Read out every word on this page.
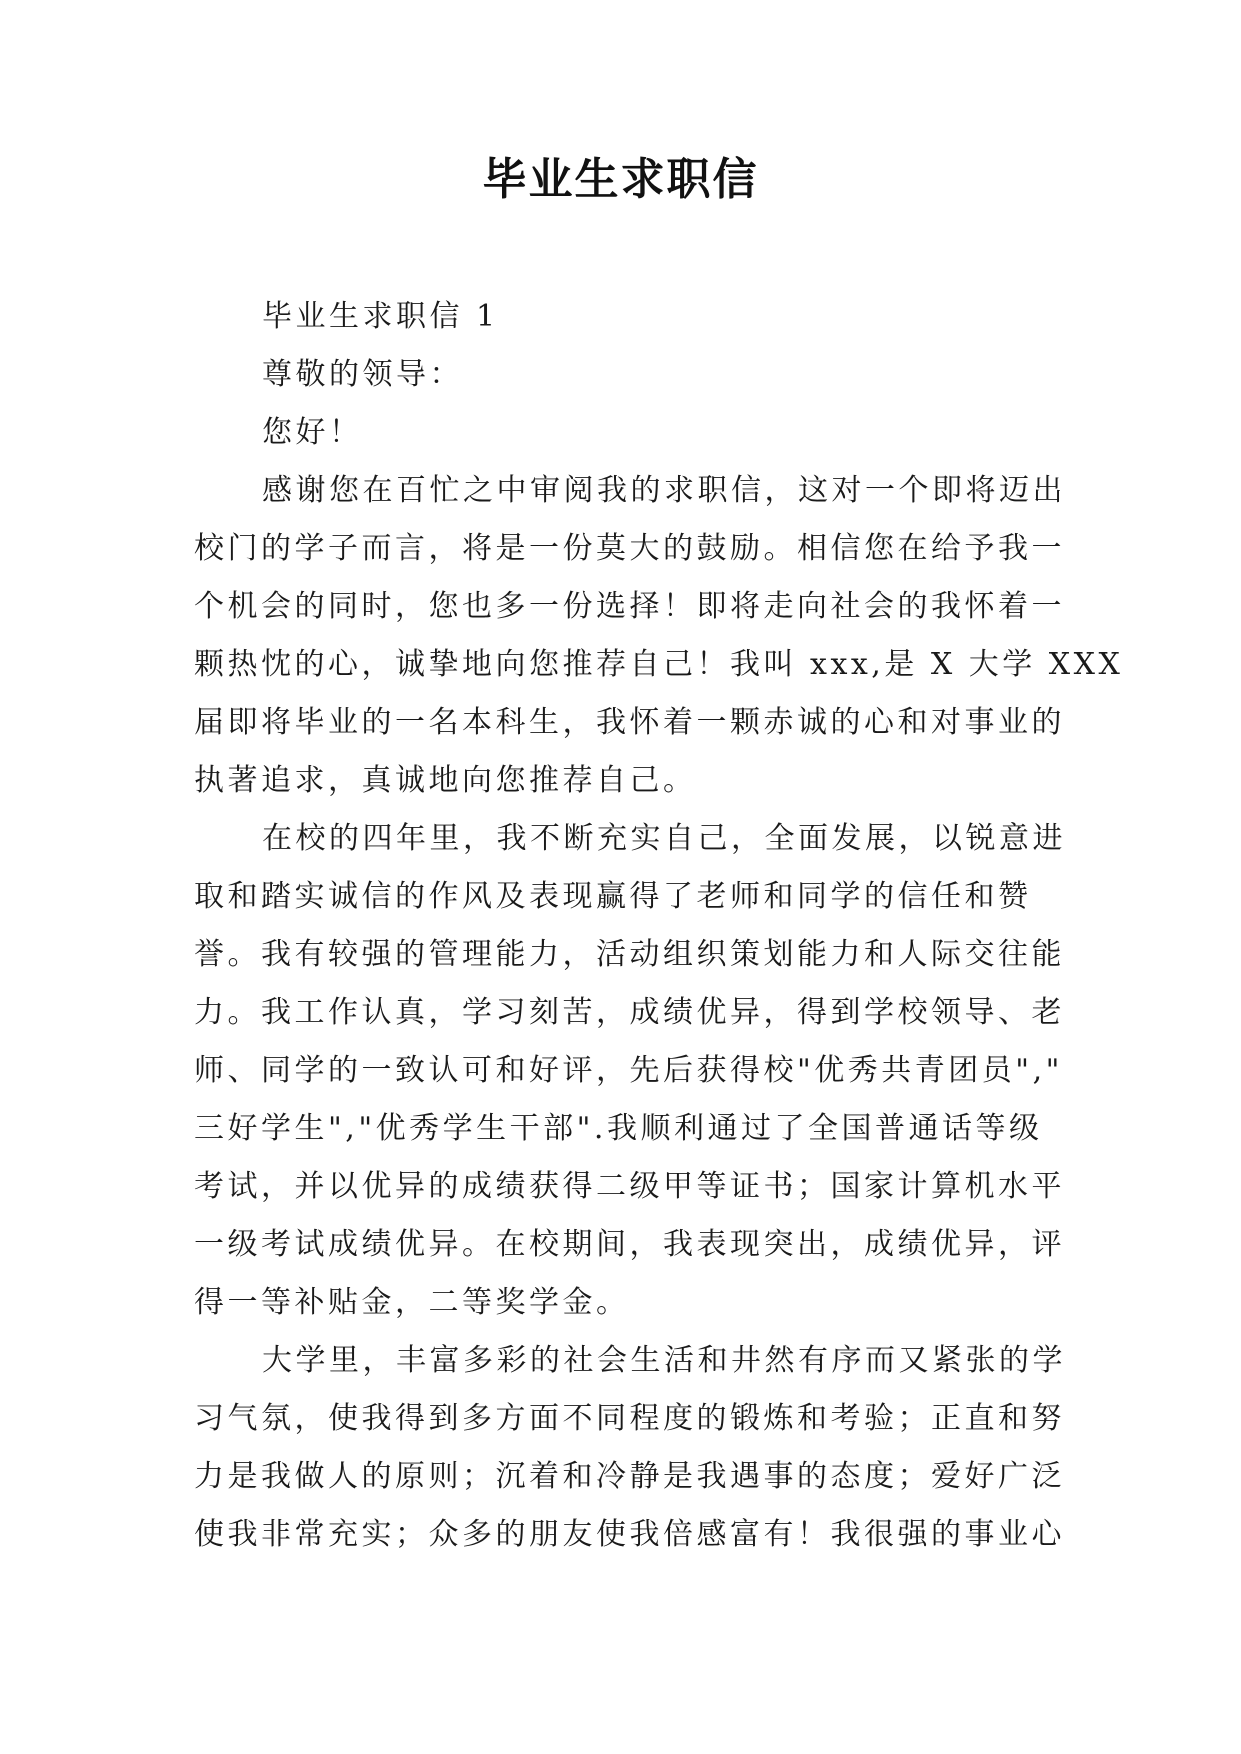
毕业生求职信
毕业生求职信 1
尊敬的领导：
您好！
感谢您在百忙之中审阅我的求职信，这对一个即将迈出
校门的学子而言，将是一份莫大的鼓励。相信您在给予我一
个机会的同时，您也多一份选择！即将走向社会的我怀着一
颗热忱的心，诚挚地向您推荐自己！我叫 xxx,是 X 大学 XXX
届即将毕业的一名本科生，我怀着一颗赤诚的心和对事业的
执著追求，真诚地向您推荐自己。
在校的四年里，我不断充实自己，全面发展，以锐意进
取和踏实诚信的作风及表现赢得了老师和同学的信任和赞
誉。我有较强的管理能力，活动组织策划能力和人际交往能
力。我工作认真，学习刻苦，成绩优异，得到学校领导、老
师、同学的一致认可和好评，先后获得校"优秀共青团员","
三好学生","优秀学生干部".我顺利通过了全国普通话等级
考试，并以优异的成绩获得二级甲等证书；国家计算机水平
一级考试成绩优异。在校期间，我表现突出，成绩优异，评
得一等补贴金，二等奖学金。
大学里，丰富多彩的社会生活和井然有序而又紧张的学
习气氛，使我得到多方面不同程度的锻炼和考验；正直和努
力是我做人的原则；沉着和冷静是我遇事的态度；爱好广泛
使我非常充实；众多的朋友使我倍感富有！我很强的事业心
